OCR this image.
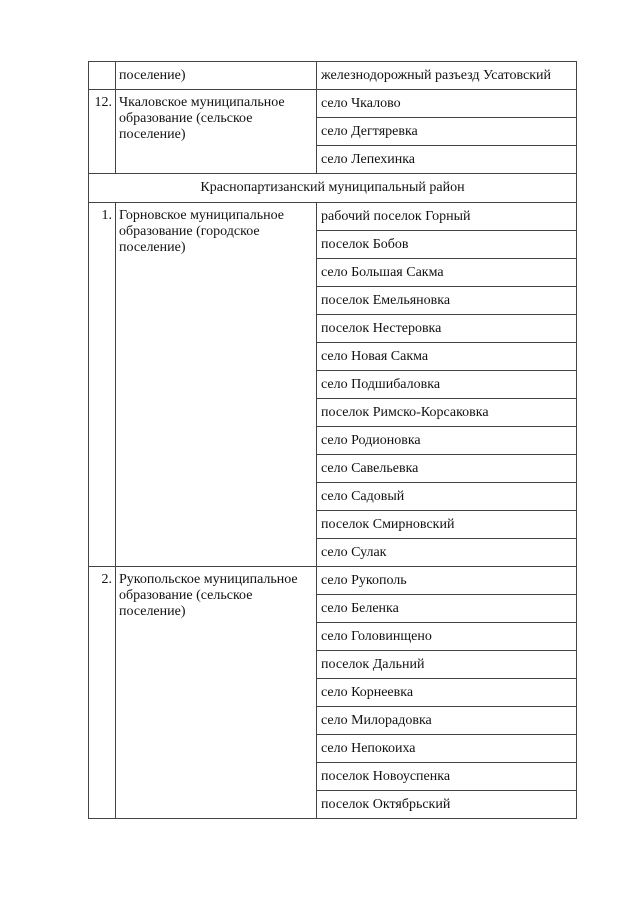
	поселение)	железнодорожный разъезд Усатовский
12.	Чкаловское муниципальное образование (сельское поселение)	село Чкалово
		село Дегтяревка
		село Лепехинка
Краснопартизанский муниципальный район		
1.	Горновское муниципальное образование (городское поселение)	рабочий поселок Горный
		поселок Бобов
		село Большая Сакма
		поселок Емельяновка
		поселок Нестеровка
		село Новая Сакма
		село Подшибаловка
		поселок Римско-Корсаковка
		село Родионовка
		село Савельевка
		село Садовый
		поселок Смирновский
		село Сулак
2.	Рукопольское муниципальное образование (сельское поселение)	село Рукополь
		село Беленка
		село Головинщено
		поселок Дальний
		село Корнеевка
		село Милорадовка
		село Непокоиха
		поселок Новоуспенка
		поселок Октябрьский
